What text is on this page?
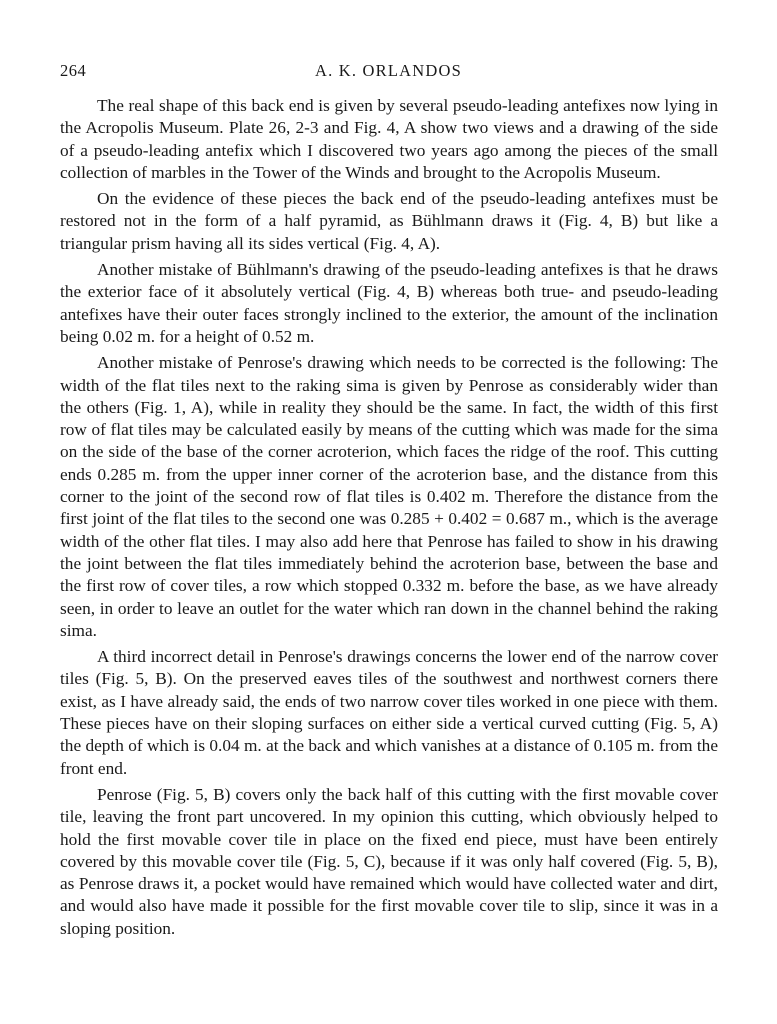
264	A. K. ORLANDOS

The real shape of this back end is given by several pseudo-leading antefixes now lying in the Acropolis Museum. Plate 26, 2-3 and Fig. 4, A show two views and a drawing of the side of a pseudo-leading antefix which I discovered two years ago among the pieces of the small collection of marbles in the Tower of the Winds and brought to the Acropolis Museum.

On the evidence of these pieces the back end of the pseudo-leading antefixes must be restored not in the form of a half pyramid, as Bühlmann draws it (Fig. 4, B) but like a triangular prism having all its sides vertical (Fig. 4, A).

Another mistake of Bühlmann's drawing of the pseudo-leading antefixes is that he draws the exterior face of it absolutely vertical (Fig. 4, B) whereas both true- and pseudo-leading antefixes have their outer faces strongly inclined to the exterior, the amount of the inclination being 0.02 m. for a height of 0.52 m.

Another mistake of Penrose's drawing which needs to be corrected is the following: The width of the flat tiles next to the raking sima is given by Penrose as considerably wider than the others (Fig. 1, A), while in reality they should be the same. In fact, the width of this first row of flat tiles may be calculated easily by means of the cutting which was made for the sima on the side of the base of the corner acroterion, which faces the ridge of the roof. This cutting ends 0.285 m. from the upper inner corner of the acroterion base, and the distance from this corner to the joint of the second row of flat tiles is 0.402 m. Therefore the distance from the first joint of the flat tiles to the second one was 0.285 + 0.402 = 0.687 m., which is the average width of the other flat tiles. I may also add here that Penrose has failed to show in his drawing the joint between the flat tiles immediately behind the acroterion base, between the base and the first row of cover tiles, a row which stopped 0.332 m. before the base, as we have already seen, in order to leave an outlet for the water which ran down in the channel behind the raking sima.

A third incorrect detail in Penrose's drawings concerns the lower end of the narrow cover tiles (Fig. 5, B). On the preserved eaves tiles of the southwest and northwest corners there exist, as I have already said, the ends of two narrow cover tiles worked in one piece with them. These pieces have on their sloping surfaces on either side a vertical curved cutting (Fig. 5, A) the depth of which is 0.04 m. at the back and which vanishes at a distance of 0.105 m. from the front end.

Penrose (Fig. 5, B) covers only the back half of this cutting with the first movable cover tile, leaving the front part uncovered. In my opinion this cutting, which obviously helped to hold the first movable cover tile in place on the fixed end piece, must have been entirely covered by this movable cover tile (Fig. 5, C), because if it was only half covered (Fig. 5, B), as Penrose draws it, a pocket would have remained which would have collected water and dirt, and would also have made it possible for the first movable cover tile to slip, since it was in a sloping position.
